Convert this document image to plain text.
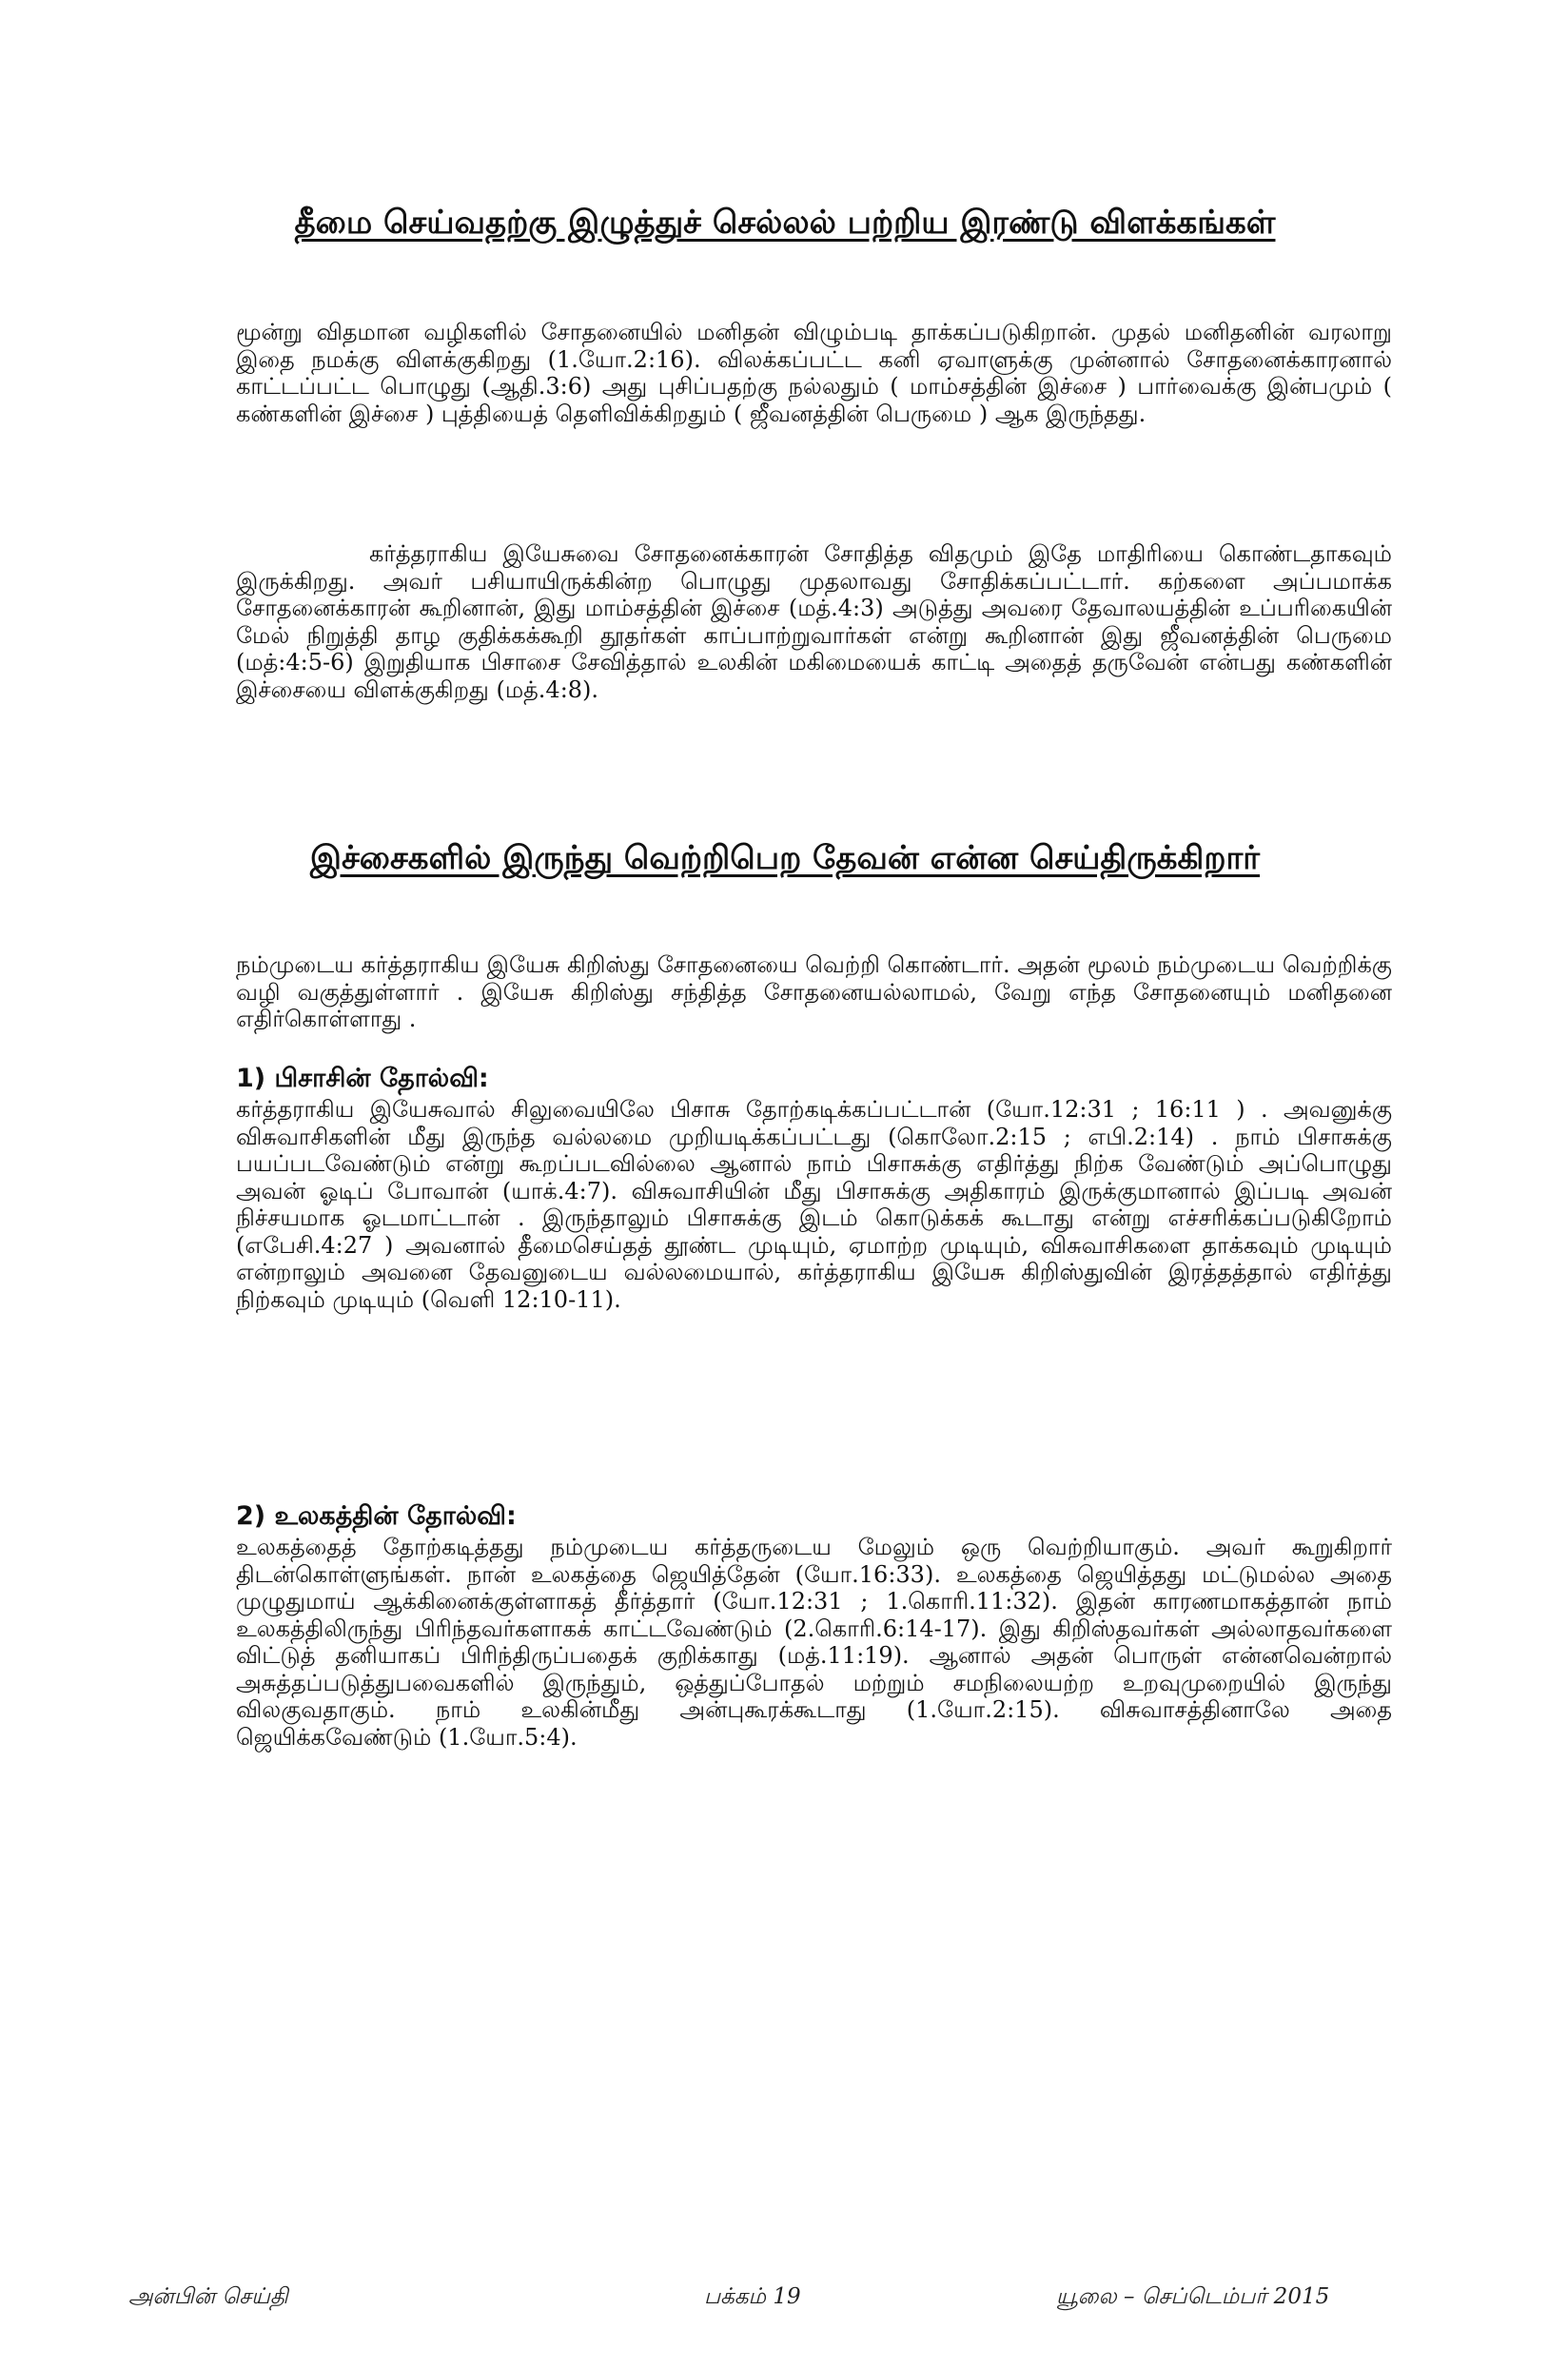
தீமை செய்வதற்கு இழுத்துச் செல்லல் பற்றிய இரண்டு விளக்கங்கள்

மூன்று விதமான வழிகளில் சோதனையில் மனிதன் விழும்படி தாக்கப்படுகிறான். முதல் மனிதனின் வரலாறு இதை நமக்கு விளக்குகிறது (1.யோ.2:16). விலக்கப்பட்ட கனி ஏவாளுக்கு முன்னால் சோதனைக்காரனால் காட்டப்பட்ட பொழுது (ஆதி.3:6) அது புசிப்பதற்கு நல்லதும் ( மாம்சத்தின் இச்சை ) பார்வைக்கு இன்பமும் ( கண்களின் இச்சை ) புத்தியைத் தெளிவிக்கிறதும் ( ஜீவனத்தின் பெருமை ) ஆக இருந்தது.

கர்த்தராகிய இயேசுவை சோதனைக்காரன் சோதித்த விதமும் இதே மாதிரியை கொண்டதாகவும் இருக்கிறது. அவர் பசியாயிருக்கின்ற பொழுது முதலாவது சோதிக்கப்பட்டார். கற்களை அப்பமாக்க சோதனைக்காரன் கூறினான், இது மாம்சத்தின் இச்சை (மத்.4:3) அடுத்து அவரை தேவாலயத்தின் உப்பரிகையின் மேல் நிறுத்தி தாழ குதிக்கக்கூறி தூதர்கள் காப்பாற்றுவார்கள் என்று கூறினான் இது ஜீவனத்தின் பெருமை (மத்:4:5-6) இறுதியாக பிசாசை சேவித்தால் உலகின் மகிமையைக் காட்டி அதைத் தருவேன் என்பது கண்களின் இச்சையை விளக்குகிறது (மத்.4:8).

இச்சைகளில் இருந்து வெற்றிபெற தேவன் என்ன செய்திருக்கிறார்

நம்முடைய கர்த்தராகிய இயேசு கிறிஸ்து சோதனையை வெற்றி கொண்டார். அதன் மூலம் நம்முடைய வெற்றிக்கு வழி வகுத்துள்ளார் . இயேசு கிறிஸ்து சந்தித்த சோதனையல்லாமல், வேறு எந்த சோதனையும் மனிதனை எதிர்கொள்ளாது .

1) பிசாசின் தோல்வி:

கர்த்தராகிய இயேசுவால் சிலுவையிலே பிசாசு தோற்கடிக்கப்பட்டான் (யோ.12:31 ; 16:11 ) . அவனுக்கு விசுவாசிகளின் மீது இருந்த வல்லமை முறியடிக்கப்பட்டது (கொலோ.2:15 ; எபி.2:14) . நாம் பிசாசுக்கு பயப்படவேண்டும் என்று கூறப்படவில்லை ஆனால் நாம் பிசாசுக்கு எதிர்த்து நிற்க வேண்டும் அப்பொழுது அவன் ஓடிப் போவான் (யாக்.4:7). விசுவாசியின் மீது பிசாசுக்கு அதிகாரம் இருக்குமானால் இப்படி அவன் நிச்சயமாக ஓடமாட்டான் . இருந்தாலும் பிசாசுக்கு இடம் கொடுக்கக் கூடாது என்று எச்சரிக்கப்படுகிறோம் (எபேசி.4:27 ) அவனால் தீமைசெய்தத் தூண்ட முடியும், ஏமாற்ற முடியும், விசுவாசிகளை தாக்கவும் முடியும் என்றாலும் அவனை தேவனுடைய வல்லமையால், கர்த்தராகிய இயேசு கிறிஸ்துவின் இரத்தத்தால் எதிர்த்து நிற்கவும் முடியும் (வெளி 12:10-11).

2) உலகத்தின் தோல்வி:

உலகத்தைத் தோற்கடித்தது நம்முடைய கர்த்தருடைய மேலும் ஒரு வெற்றியாகும். அவர் கூறுகிறார் திடன்கொள்ளுங்கள். நான் உலகத்தை ஜெயித்தேன் (யோ.16:33). உலகத்தை ஜெயித்தது மட்டுமல்ல அதை முழுதுமாய் ஆக்கினைக்குள்ளாகத் தீர்த்தார் (யோ.12:31 ; 1.கொரி.11:32). இதன் காரணமாகத்தான் நாம் உலகத்திலிருந்து பிரிந்தவர்களாகக் காட்டவேண்டும் (2.கொரி.6:14-17). இது கிறிஸ்தவர்கள் அல்லாதவர்களை விட்டுத் தனியாகப் பிரிந்திருப்பதைக் குறிக்காது (மத்.11:19). ஆனால் அதன் பொருள் என்னவென்றால் அசுத்தப்படுத்துபவைகளில் இருந்தும், ஒத்துப்போதல் மற்றும் சமநிலையற்ற உறவுமுறையில் இருந்து விலகுவதாகும். நாம் உலகின்மீது அன்புகூரக்கூடாது (1.யோ.2:15). விசுவாசத்தினாலே அதை ஜெயிக்கவேண்டும் (1.யோ.5:4).

அன்பின் செய்தி	பக்கம் 19	யூலை – செப்டெம்பர் 2015
